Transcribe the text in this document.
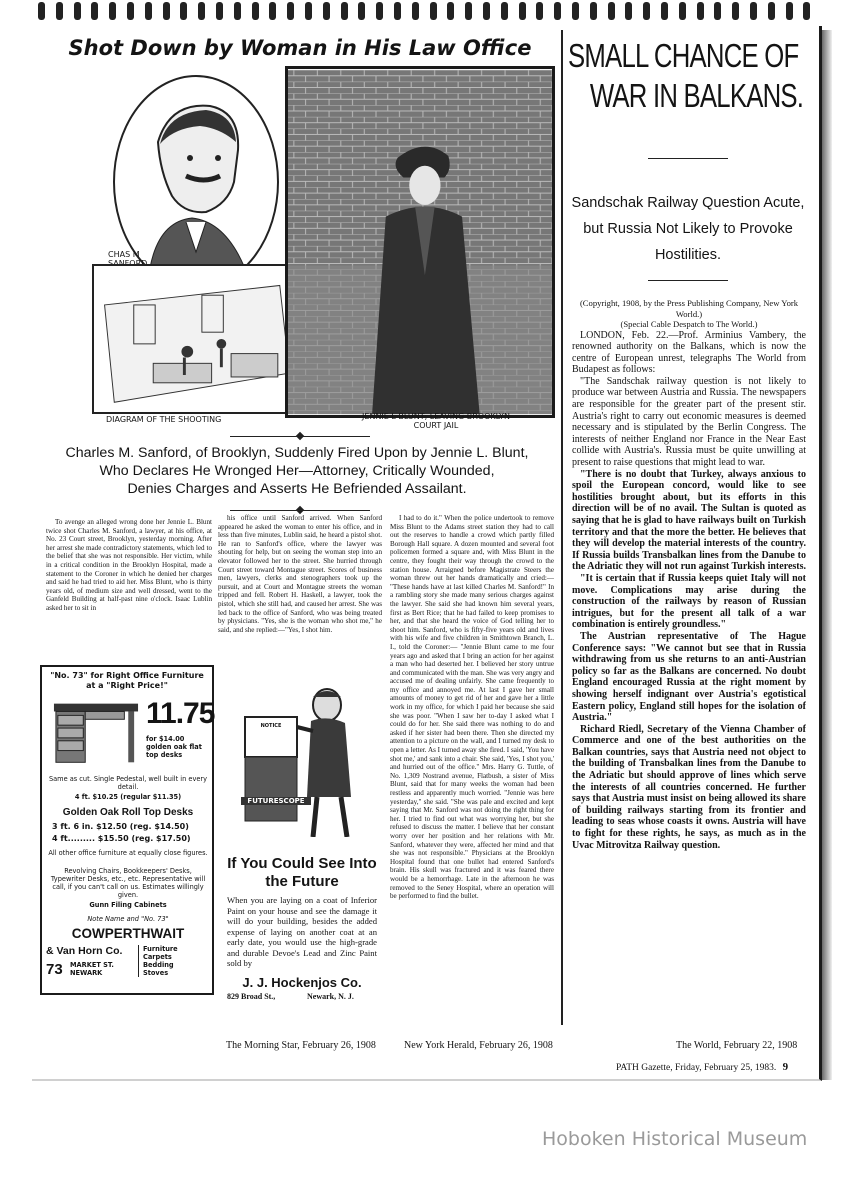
Shot Down by Woman in His Law Office
CHAS M SANFORD
DIAGRAM OF THE SHOOTING	JENNIE L BLUNT, LEAVING BROOKLYN COURT JAIL
Charles M. Sanford, of Brooklyn, Suddenly Fired Upon by Jennie L. Blunt,
Who Declares He Wronged Her—Attorney, Critically Wounded,
Denies Charges and Asserts He Befriended Assailant.

To avenge an alleged wrong done her Jennie L. Blunt twice shot Charles M. Sanford, a lawyer, at his office, at No. 23 Court street, Brooklyn, yesterday morning. After her arrest she made contradictory statements, which led to the belief that she was not responsible. Her victim, while in a critical condition in the Brooklyn Hospital, made a statement to the Coroner in which he denied her charges and said he had tried to aid her. Miss Blunt, who is thirty years old, of medium size and well dressed, went to the Ganfeld Building at half-past nine o'clock. Isaac Lublin asked her to sit in

his office until Sanford arrived. When Sanford appeared he asked the woman to enter his office, and in less than five minutes, Lublin said, he heard a pistol shot. He ran to Sanford's office, where the lawyer was shouting for help, but on seeing the woman step into an elevator followed her to the street. She hurried through Court street toward Montague street. Scores of business men, lawyers, clerks and stenographers took up the pursuit, and at Court and Montague streets the woman tripped and fell. Robert H. Haskell, a lawyer, took the pistol, which she still had, and caused her arrest. She was led back to the office of Sanford, who was being treated by physicians. "Yes, she is the woman who shot me," he said, and she replied:—"Yes, I shot him.

I had to do it." When the police undertook to remove Miss Blunt to the Adams street station they had to call out the reserves to handle a crowd which partly filled Borough Hall square. A dozen mounted and several foot policemen formed a square and, with Miss Blunt in the centre, they fought their way through the crowd to the station house. Arraigned before Magistrate Steers the woman threw out her hands dramatically and cried:— "These hands have at last killed Charles M. Sanford!" In a rambling story she made many serious charges against the lawyer. She said she had known him several years, first as Bert Rice; that he had failed to keep promises to her, and that she heard the voice of God telling her to shoot him. Sanford, who is fifty-five years old and lives with his wife and five children in Smithtown Branch, L. I., told the Coroner:— "Jennie Blunt came to me four years ago and asked that I bring an action for her against a man who had deserted her. I believed her story untrue and communicated with the man. She was very angry and accused me of dealing unfairly. She came frequently to my office and annoyed me. At last I gave her small amounts of money to get rid of her and gave her a little work in my office, for which I paid her because she said she was poor. "When I saw her to-day I asked what I could do for her. She said there was nothing to do and asked if her sister had been there. Then she directed my attention to a picture on the wall, and I turned my desk to open a letter. As I turned away she fired. I said, 'You have shot me,' and sank into a chair. She said, 'Yes, I shot you,' and hurried out of the office." Mrs. Harry G. Tuttle, of No. 1,309 Nostrand avenue, Flatbush, a sister of Miss Blunt, said that for many weeks the woman had been restless and apparently much worried. "Jennie was here yesterday," she said. "She was pale and excited and kept saying that Mr. Sanford was not doing the right thing for her. I tried to find out what was worrying her, but she refused to discuss the matter. I believe that her constant worry over her position and her relations with Mr. Sanford, whatever they were, affected her mind and that she was not responsible." Physicians at the Brooklyn Hospital found that one bullet had entered Sanford's brain. His skull was fractured and it was feared there would be a hemorrhage. Late in the afternoon he was removed to the Seney Hospital, where an operation will be performed to find the bullet.

"No. 73" for Right Office Furniture at a "Right Price!"
11.75
for $14.00 golden oak flat top desks
Same as cut. Single Pedestal, well built in every detail.
4 ft. $10.25 (regular $11.35)
Golden Oak Roll Top Desks
3 ft. 6 in. $12.50 (reg. $14.50)
4 ft......... $15.50 (reg. $17.50)
All other office furniture at equally close figures.
Revolving Chairs, Bookkeepers' Desks, Typewriter Desks, etc., etc. Representative will call, if you can't call on us. Estimates willingly given.
Gunn Filing Cabinets
Note Name and "No. 73"
COWPERTHWAIT
& Van Horn Co.
73 MARKET ST. NEWARK
Furniture Carpets Bedding Stoves
NOTICE
FUTURESCOPE
If You Could See Into the Future
When you are laying on a coat of Inferior Paint on your house and see the damage it will do your building, besides the added expense of laying on another coat at an early date, you would use the high-grade and durable Devoe's Lead and Zinc Paint sold by
J. J. Hockenjos Co.
829 Broad St.,	Newark, N. J.
SMALL CHANCE OF
WAR IN BALKANS.
Sandschak Railway Question Acute, but Russia Not Likely to Provoke Hostilities.

(Copyright, 1908, by the Press Publishing Company, New York World.)

(Special Cable Despatch to The World.)

LONDON, Feb. 22.—Prof. Arminius Vambery, the renowned authority on the Balkans, which is now the centre of European unrest, telegraphs The World from Budapest as follows:

"The Sandschak railway question is not likely to produce war between Austria and Russia. The newspapers are responsible for the greater part of the present stir. Austria's right to carry out economic measures is deemed necessary and is stipulated by the Berlin Congress. The interests of neither England nor France in the Near East collide with Austria's. Russia must be quite unwilling at present to raise questions that might lead to war.

"There is no doubt that Turkey, always anxious to spoil the European concord, would like to see hostilities brought about, but its efforts in this direction will be of no avail. The Sultan is quoted as saying that he is glad to have railways built on Turkish territory and that the more the better. He believes that they will develop the material interests of the country. If Russia builds Transbalkan lines from the Danube to the Adriatic they will not run against Turkish interests.

"It is certain that if Russia keeps quiet Italy will not move. Complications may arise during the construction of the railways by reason of Russian intrigues, but for the present all talk of a war combination is entirely groundless."

The Austrian representative of The Hague Conference says: "We cannot but see that in Russia withdrawing from us she returns to an anti-Austrian policy so far as the Balkans are concerned. No doubt England encouraged Russia at the right moment by showing herself indignant over Austria's egotistical Eastern policy, England still hopes for the isolation of Austria."

Richard Riedl, Secretary of the Vienna Chamber of Commerce and one of the best authorities on the Balkan countries, says that Austria need not object to the building of Transbalkan lines from the Danube to the Adriatic but should approve of lines which serve the interests of all countries concerned. He further says that Austria must insist on being allowed its share of building railways starting from its frontier and leading to seas whose coasts it owns. Austria will have to fight for these rights, he says, as much as in the Uvac Mitrovitza Railway question.

The Morning Star, February 26, 1908	New York Herald, February 26, 1908	The World, February 22, 1908
PATH Gazette, Friday, February 25, 1983. 9
Hoboken Historical Museum
